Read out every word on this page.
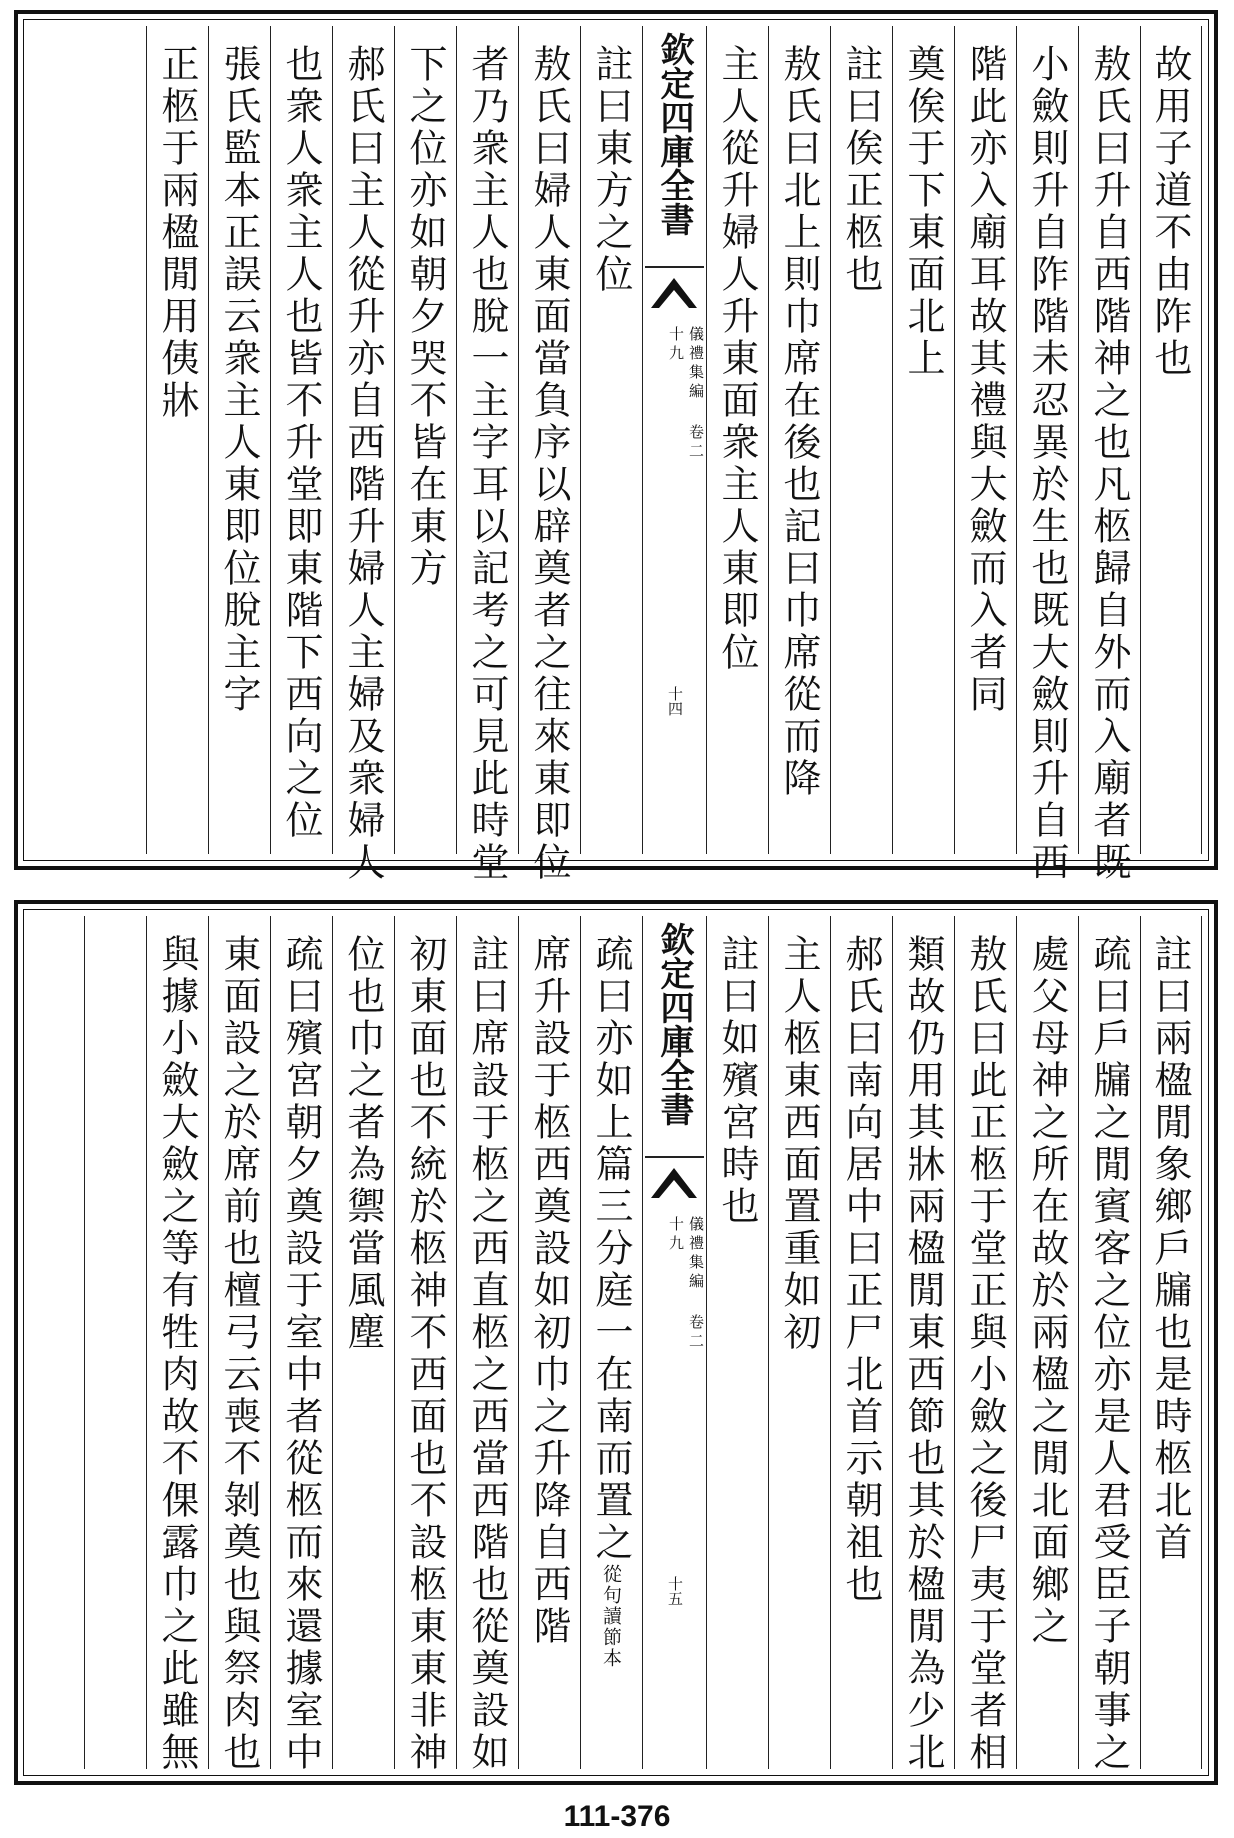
故用子道不由阼也
敖氏曰升自西階神之也凡柩歸自外而入廟者既
小斂則升自阼階未忍異於生也既大斂則升自西
階此亦入廟耳故其禮與大斂而入者同
奠俟于下東面北上
註曰俟正柩也
敖氏曰北上則巾席在後也記曰巾席從而降
主人從升婦人升東面衆主人東即位
欽定四庫全書
儀禮集編 卷二十九
十四
註曰東方之位
敖氏曰婦人東面當負序以辟奠者之往來東即位
者乃衆主人也脫一主字耳以記考之可見此時堂
下之位亦如朝夕哭不皆在東方
郝氏曰主人從升亦自西階升婦人主婦及衆婦人
也衆人衆主人也皆不升堂即東階下西向之位
張氏監本正誤云衆主人東即位脫主字
正柩于兩楹閒用侇牀
註曰兩楹閒象鄉戶牖也是時柩北首
疏曰戶牖之閒賓客之位亦是人君受臣子朝事之
處父母神之所在故於兩楹之閒北面鄉之
敖氏曰此正柩于堂正與小斂之後尸夷于堂者相
類故仍用其牀兩楹閒東西節也其於楹閒為少北
郝氏曰南向居中曰正尸北首示朝祖也
主人柩東西面置重如初
註曰如殯宮時也
欽定四庫全書
儀禮集編 卷二十九
十五
疏曰亦如上篇三分庭一在南而置之從句讀節本
席升設于柩西奠設如初巾之升降自西階
註曰席設于柩之西直柩之西當西階也從奠設如
初東面也不統於柩神不西面也不設柩東東非神
位也巾之者為禦當風塵
疏曰殯宮朝夕奠設于室中者從柩而來還據室中
東面設之於席前也檀弓云喪不剝奠也與祭肉也
與據小斂大斂之等有牲肉故不倮露巾之此雖無
111-376
